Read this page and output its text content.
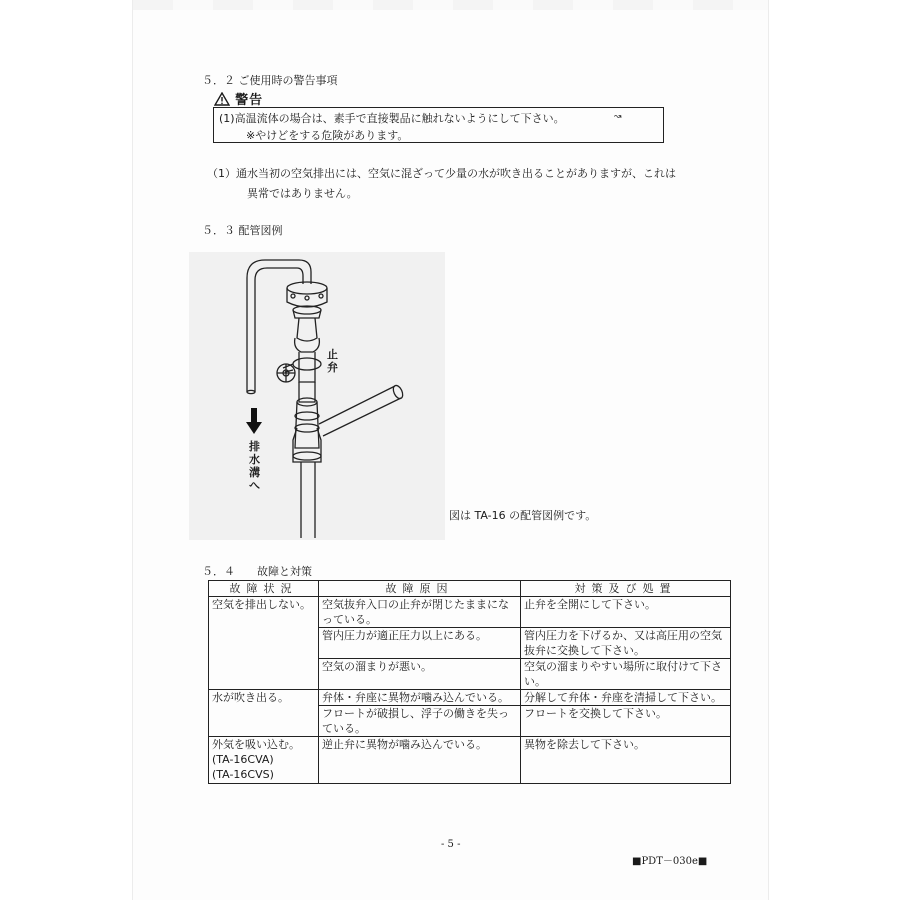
５．２ ご使用時の警告事項
警告
(1)高温流体の場合は、素手で直接製品に触れないようにして下さい。
※やけどをする危険があります。
↝
（1）通水当初の空気排出には、空気に混ざって少量の水が吹き出ることがありますが、これは
異常ではありません。
５．３ 配管図例
止弁
排水溝へ
図は TA-16 の配管図例です。
５．４　　故障と対策
故障状況	故障原因	対策及び処置
空気を排出しない。	空気抜弁入口の止弁が閉じたままになっている。	止弁を全開にして下さい。
	管内圧力が適正圧力以上にある。	管内圧力を下げるか、又は高圧用の空気抜弁に交換して下さい。
	空気の溜まりが悪い。	空気の溜まりやすい場所に取付けて下さい。
水が吹き出る。	弁体・弁座に異物が噛み込んでいる。	分解して弁体・弁座を清掃して下さい。
	フロートが破損し、浮子の働きを失っている。	フロートを交換して下さい。
外気を吸い込む。
(TA-16CVA)
(TA-16CVS)	逆止弁に異物が噛み込んでいる。	異物を除去して下さい。
- 5 -
■PDT－030e■
